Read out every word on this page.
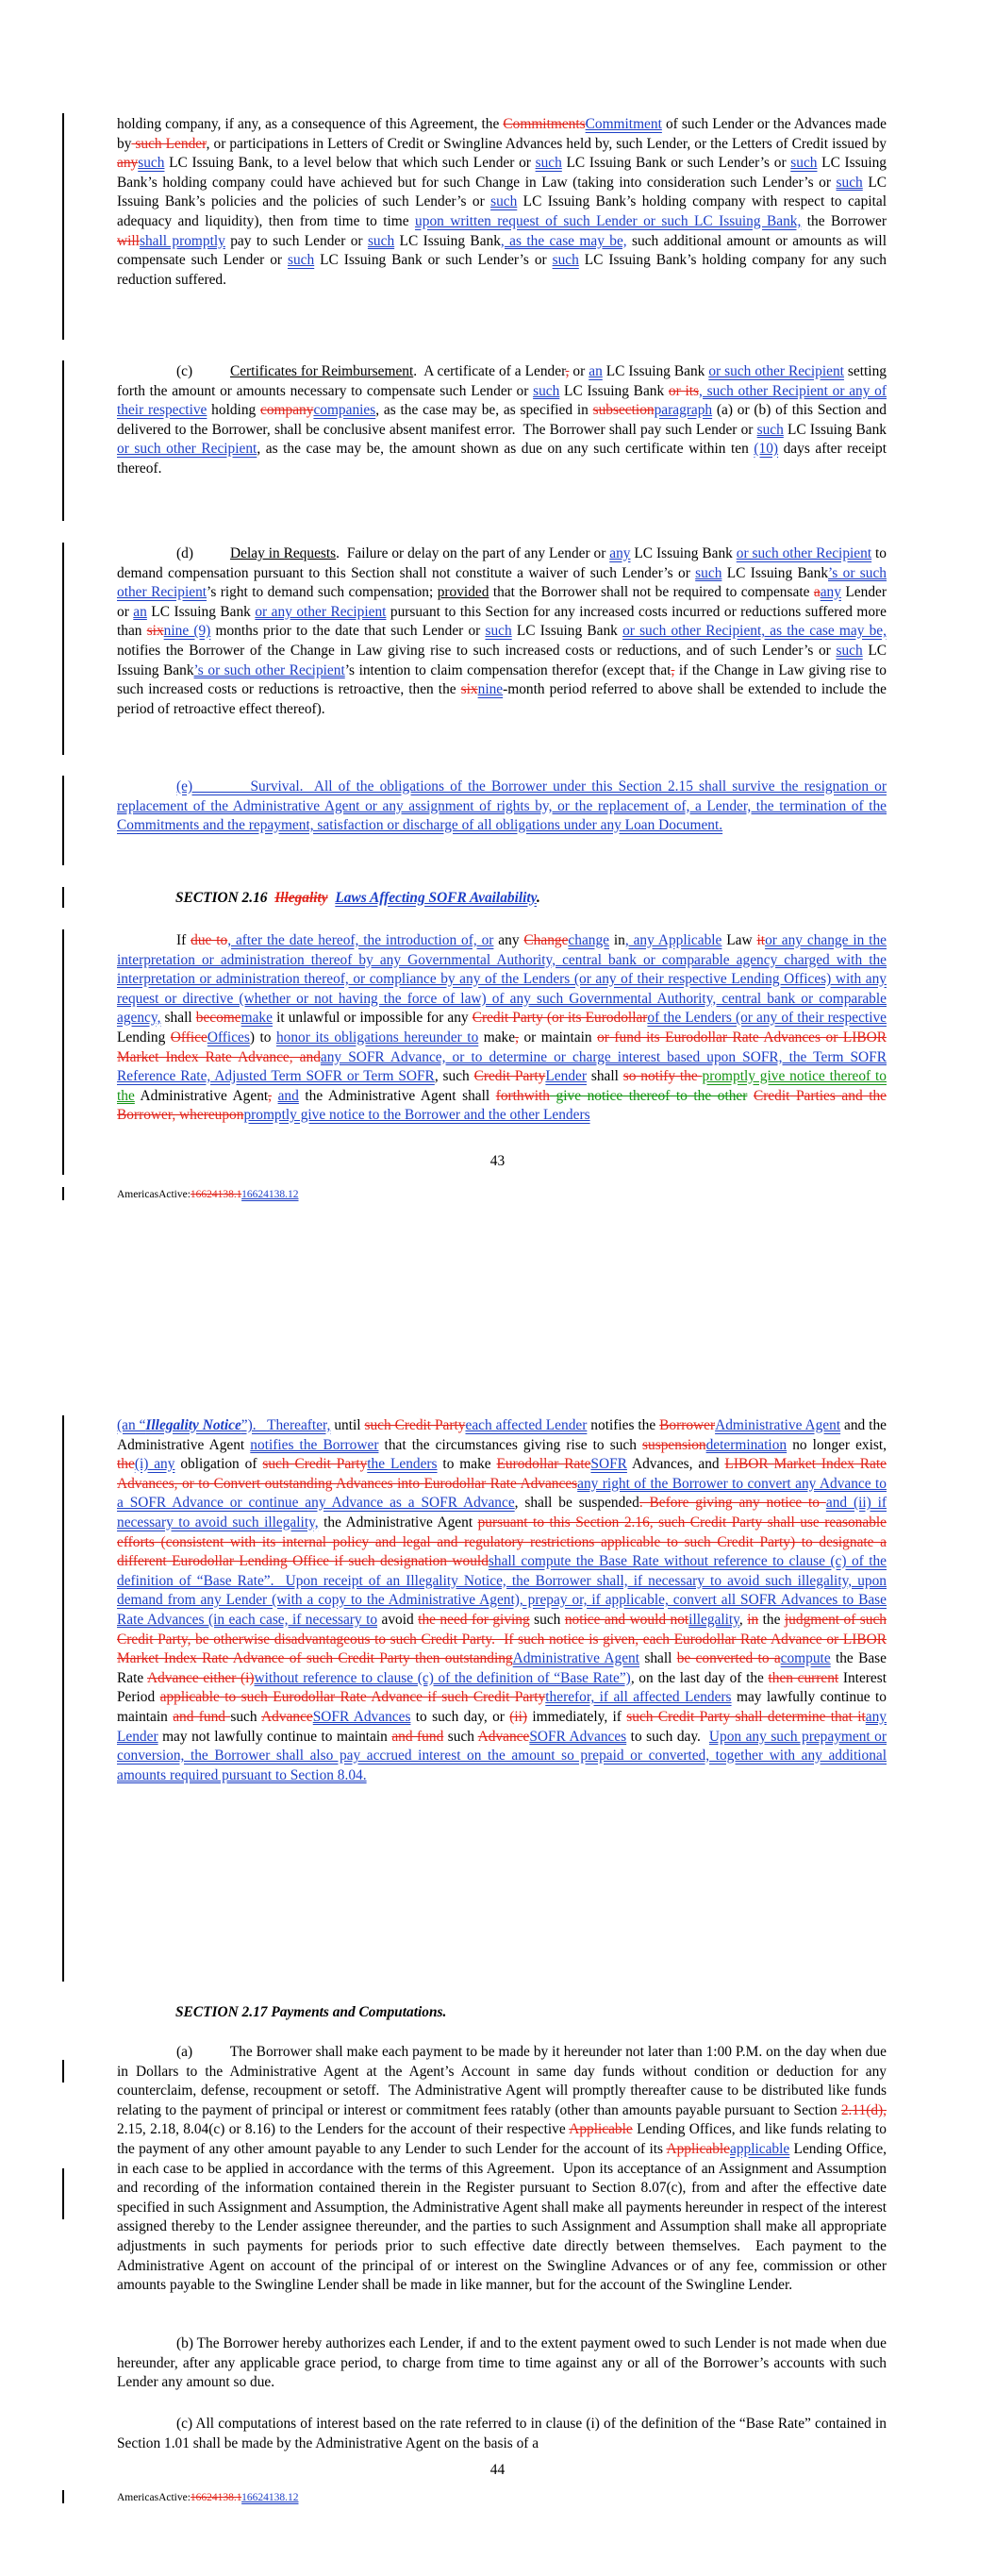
holding company, if any, as a consequence of this Agreement, the CommitmentsCommitment of such Lender or the Advances made by such Lender, or participations in Letters of Credit or Swingline Advances held by, such Lender, or the Letters of Credit issued by anysuch LC Issuing Bank, to a level below that which such Lender or such LC Issuing Bank or such Lender’s or such LC Issuing Bank’s holding company could have achieved but for such Change in Law (taking into consideration such Lender’s or such LC Issuing Bank’s policies and the policies of such Lender’s or such LC Issuing Bank’s holding company with respect to capital adequacy and liquidity), then from time to time upon written request of such Lender or such LC Issuing Bank, the Borrower willshall promptly pay to such Lender or such LC Issuing Bank, as the case may be, such additional amount or amounts as will compensate such Lender or such LC Issuing Bank or such Lender’s or such LC Issuing Bank’s holding company for any such reduction suffered.
(c)          Certificates for Reimbursement.  A certificate of a Lender, or an LC Issuing Bank or such other Recipient setting forth the amount or amounts necessary to compensate such Lender or such LC Issuing Bank or its, such other Recipient or any of their respective holding companycompanies, as the case may be, as specified in subsectionparagraph (a) or (b) of this Section and delivered to the Borrower, shall be conclusive absent manifest error.  The Borrower shall pay such Lender or such LC Issuing Bank or such other Recipient, as the case may be, the amount shown as due on any such certificate within ten (10) days after receipt thereof.
(d)          Delay in Requests.  Failure or delay on the part of any Lender or any LC Issuing Bank or such other Recipient to demand compensation pursuant to this Section shall not constitute a waiver of such Lender’s or such LC Issuing Bank’s or such other Recipient’s right to demand such compensation; provided that the Borrower shall not be required to compensate aany Lender or an LC Issuing Bank or any other Recipient pursuant to this Section for any increased costs incurred or reductions suffered more than sixnine (9) months prior to the date that such Lender or such LC Issuing Bank or such other Recipient, as the case may be, notifies the Borrower of the Change in Law giving rise to such increased costs or reductions, and of such Lender’s or such LC Issuing Bank’s or such other Recipient’s intention to claim compensation therefor (except that, if the Change in Law giving rise to such increased costs or reductions is retroactive, then the sixnine-month period referred to above shall be extended to include the period of retroactive effect thereof).
(e)          Survival.  All of the obligations of the Borrower under this Section 2.15 shall survive the resignation or replacement of the Administrative Agent or any assignment of rights by, or the replacement of, a Lender, the termination of the Commitments and the repayment, satisfaction or discharge of all obligations under any Loan Document.

SECTION 2.16  Illegality Laws Affecting SOFR Availability.

If due to, after the date hereof, the introduction of, or any Changechange in, any Applicable Law itor any change in the interpretation or administration thereof by any Governmental Authority, central bank or comparable agency charged with the interpretation or administration thereof, or compliance by any of the Lenders (or any of their respective Lending Offices) with any request or directive (whether or not having the force of law) of any such Governmental Authority, central bank or comparable agency, shall becomemake it unlawful or impossible for any Credit Party (or its Eurodollarof the Lenders (or any of their respective Lending OfficeOffices) to honor its obligations hereunder to make, or maintain or fund its Eurodollar Rate Advances or LIBOR Market Index Rate Advance, andany SOFR Advance, or to determine or charge interest based upon SOFR, the Term SOFR Reference Rate, Adjusted Term SOFR or Term SOFR, such Credit PartyLender shall so notify the promptly give notice thereof to the Administrative Agent, and the Administrative Agent shall forthwith give notice thereof to the other Credit Parties and the Borrower, whereuponpromptly give notice to the Borrower and the other Lenders

43

AmericasActive:16624138.116624138.12

(an “Illegality Notice”).   Thereafter, until such Credit Partyeach affected Lender notifies the BorrowerAdministrative Agent and the Administrative Agent notifies the Borrower that the circumstances giving rise to such suspensiondetermination no longer exist, the(i) any obligation of such Credit Partythe Lenders to make Eurodollar RateSOFR Advances, and LIBOR Market Index Rate Advances, or to Convert outstanding Advances into Eurodollar Rate Advancesany right of the Borrower to convert any Advance to a SOFR Advance or continue any Advance as a SOFR Advance, shall be suspended. Before giving any notice to and (ii) if necessary to avoid such illegality, the Administrative Agent pursuant to this Section 2.16, such Credit Party shall use reasonable efforts (consistent with its internal policy and legal and regulatory restrictions applicable to such Credit Party) to designate a different Eurodollar Lending Office if such designation wouldshall compute the Base Rate without reference to clause (c) of the definition of “Base Rate”.  Upon receipt of an Illegality Notice, the Borrower shall, if necessary to avoid such illegality, upon demand from any Lender (with a copy to the Administrative Agent), prepay or, if applicable, convert all SOFR Advances to Base Rate Advances (in each case, if necessary to avoid the need for giving such notice and would notillegality, in the judgment of such Credit Party, be otherwise disadvantageous to such Credit Party.  If such notice is given, each Eurodollar Rate Advance or LIBOR Market Index Rate Advance of such Credit Party then outstandingAdministrative Agent shall be converted to acompute the Base Rate Advance either (i)without reference to clause (c) of the definition of “Base Rate”), on the last day of the then current Interest Period applicable to such Eurodollar Rate Advance if such Credit Partytherefor, if all affected Lenders may lawfully continue to maintain and fund such AdvanceSOFR Advances to such day, or (ii) immediately, if such Credit Party shall determine that itany Lender may not lawfully continue to maintain and fund such AdvanceSOFR Advances to such day.  Upon any such prepayment or conversion, the Borrower shall also pay accrued interest on the amount so prepaid or converted, together with any additional amounts required pursuant to Section 8.04.

SECTION 2.17 Payments and Computations.

(a)          The Borrower shall make each payment to be made by it hereunder not later than 1:00 P.M. on the day when due in Dollars to the Administrative Agent at the Agent’s Account in same day funds without condition or deduction for any counterclaim, defense, recoupment or setoff.  The Administrative Agent will promptly thereafter cause to be distributed like funds relating to the payment of principal or interest or commitment fees ratably (other than amounts payable pursuant to Section 2.11(d), 2.15, 2.18, 8.04(c) or 8.16) to the Lenders for the account of their respective Applicable Lending Offices, and like funds relating to the payment of any other amount payable to any Lender to such Lender for the account of its Applicableapplicable Lending Office, in each case to be applied in accordance with the terms of this Agreement.  Upon its acceptance of an Assignment and Assumption and recording of the information contained therein in the Register pursuant to Section 8.07(c), from and after the effective date specified in such Assignment and Assumption, the Administrative Agent shall make all payments hereunder in respect of the interest assigned thereby to the Lender assignee thereunder, and the parties to such Assignment and Assumption shall make all appropriate adjustments in such payments for periods prior to such effective date directly between themselves.  Each payment to the Administrative Agent on account of the principal of or interest on the Swingline Advances or of any fee, commission or other amounts payable to the Swingline Lender shall be made in like manner, but for the account of the Swingline Lender.
(b) The Borrower hereby authorizes each Lender, if and to the extent payment owed to such Lender is not made when due hereunder, after any applicable grace period, to charge from time to time against any or all of the Borrower’s accounts with such Lender any amount so due.
(c) All computations of interest based on the rate referred to in clause (i) of the definition of the “Base Rate” contained in Section 1.01 shall be made by the Administrative Agent on the basis of a

44

AmericasActive:16624138.116624138.12
